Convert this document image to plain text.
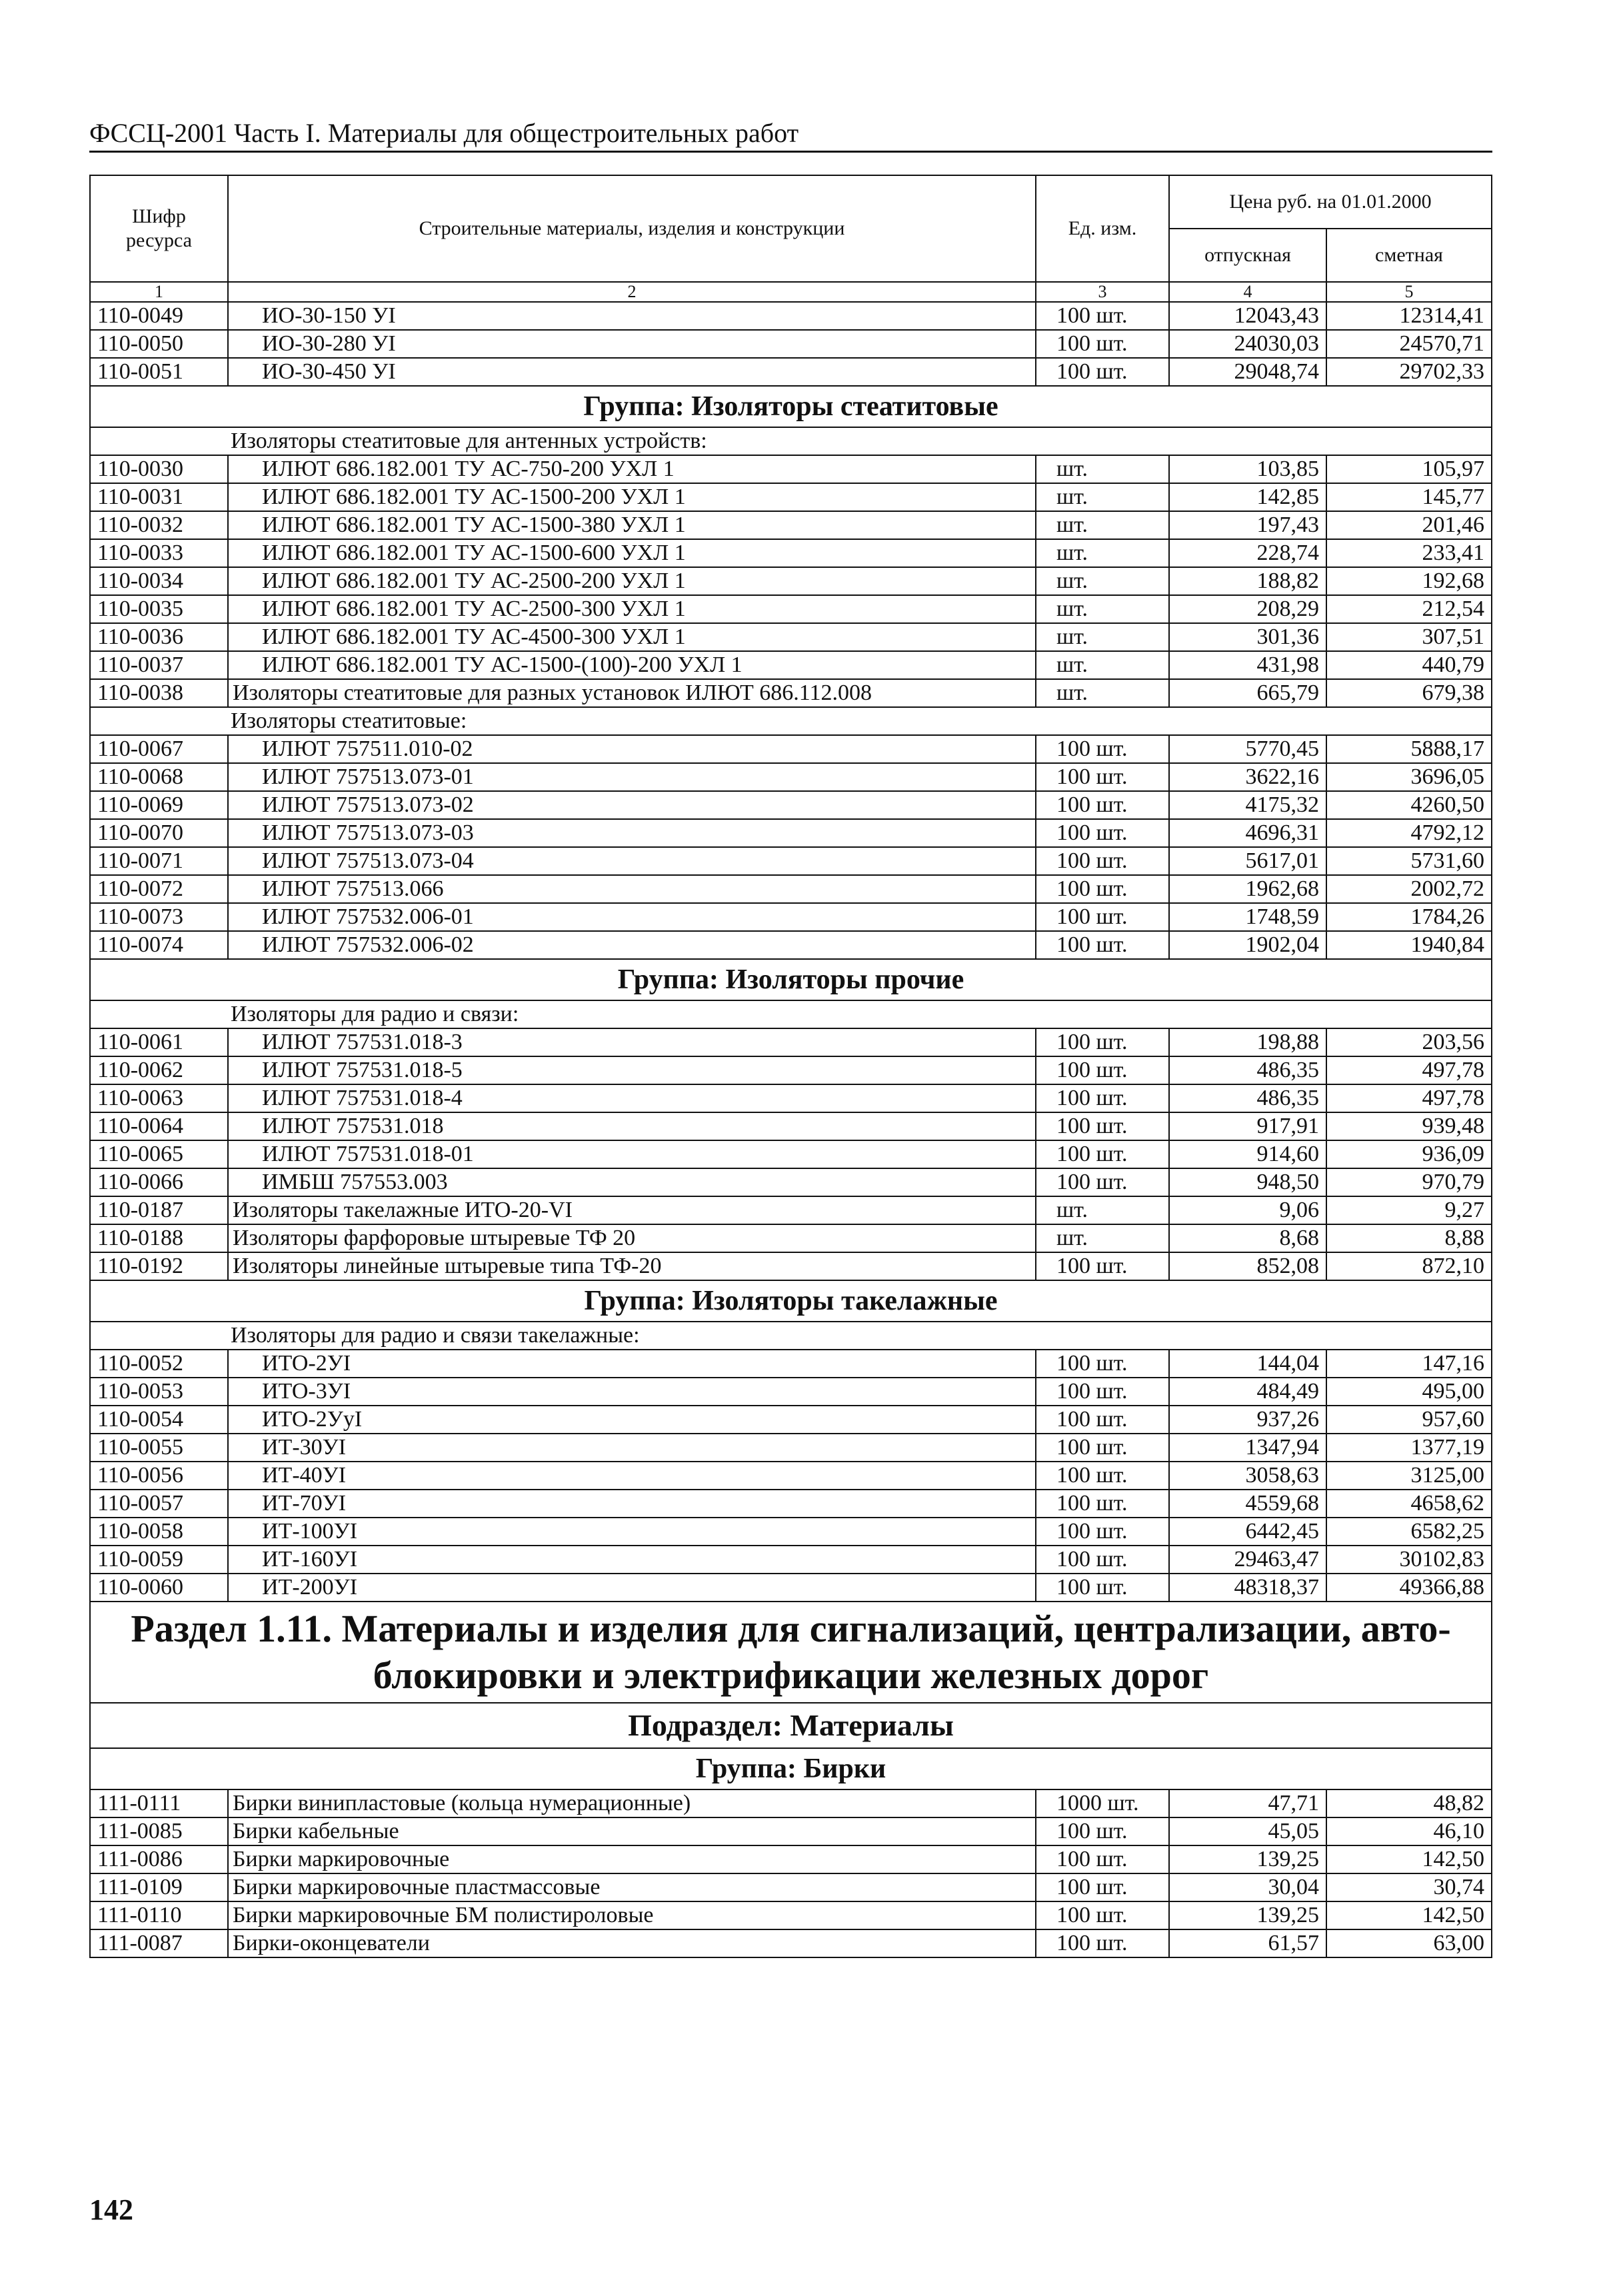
ФССЦ-2001 Часть I. Материалы для общестроительных работ
Шифр ресурса	Строительные материалы, изделия и конструкции	Ед. изм.	Цена руб. на 01.01.2000	
			отпускная	сметная
1	2	3	4	5
110-0049	ИО-30-150 УI	100 шт.	12043,43	12314,41
110-0050	ИО-30-280 УI	100 шт.	24030,03	24570,71
110-0051	ИО-30-450 УI	100 шт.	29048,74	29702,33
Группа: Изоляторы стеатитовые				
Изоляторы стеатитовые для антенных устройств:				
110-0030	ИЛЮТ 686.182.001 ТУ АС-750-200 УХЛ 1	шт.	103,85	105,97
110-0031	ИЛЮТ 686.182.001 ТУ АС-1500-200 УХЛ 1	шт.	142,85	145,77
110-0032	ИЛЮТ 686.182.001 ТУ АС-1500-380 УХЛ 1	шт.	197,43	201,46
110-0033	ИЛЮТ 686.182.001 ТУ АС-1500-600 УХЛ 1	шт.	228,74	233,41
110-0034	ИЛЮТ 686.182.001 ТУ АС-2500-200 УХЛ 1	шт.	188,82	192,68
110-0035	ИЛЮТ 686.182.001 ТУ АС-2500-300 УХЛ 1	шт.	208,29	212,54
110-0036	ИЛЮТ 686.182.001 ТУ АС-4500-300 УХЛ 1	шт.	301,36	307,51
110-0037	ИЛЮТ 686.182.001 ТУ АС-1500-(100)-200 УХЛ 1	шт.	431,98	440,79
110-0038	Изоляторы стеатитовые для разных установок ИЛЮТ 686.112.008	шт.	665,79	679,38
Изоляторы стеатитовые:				
110-0067	ИЛЮТ 757511.010-02	100 шт.	5770,45	5888,17
110-0068	ИЛЮТ 757513.073-01	100 шт.	3622,16	3696,05
110-0069	ИЛЮТ 757513.073-02	100 шт.	4175,32	4260,50
110-0070	ИЛЮТ 757513.073-03	100 шт.	4696,31	4792,12
110-0071	ИЛЮТ 757513.073-04	100 шт.	5617,01	5731,60
110-0072	ИЛЮТ 757513.066	100 шт.	1962,68	2002,72
110-0073	ИЛЮТ 757532.006-01	100 шт.	1748,59	1784,26
110-0074	ИЛЮТ 757532.006-02	100 шт.	1902,04	1940,84
Группа: Изоляторы прочие				
Изоляторы для радио и связи:				
110-0061	ИЛЮТ 757531.018-3	100 шт.	198,88	203,56
110-0062	ИЛЮТ 757531.018-5	100 шт.	486,35	497,78
110-0063	ИЛЮТ 757531.018-4	100 шт.	486,35	497,78
110-0064	ИЛЮТ 757531.018	100 шт.	917,91	939,48
110-0065	ИЛЮТ 757531.018-01	100 шт.	914,60	936,09
110-0066	ИМБШ 757553.003	100 шт.	948,50	970,79
110-0187	Изоляторы такелажные ИТО-20-VI	шт.	9,06	9,27
110-0188	Изоляторы фарфоровые штыревые ТФ 20	шт.	8,68	8,88
110-0192	Изоляторы линейные штыревые типа ТФ-20	100 шт.	852,08	872,10
Группа: Изоляторы такелажные				
Изоляторы для радио и связи такелажные:				
110-0052	ИТО-2УI	100 шт.	144,04	147,16
110-0053	ИТО-3УI	100 шт.	484,49	495,00
110-0054	ИТО-2УуI	100 шт.	937,26	957,60
110-0055	ИТ-30УI	100 шт.	1347,94	1377,19
110-0056	ИТ-40УI	100 шт.	3058,63	3125,00
110-0057	ИТ-70УI	100 шт.	4559,68	4658,62
110-0058	ИТ-100УI	100 шт.	6442,45	6582,25
110-0059	ИТ-160УI	100 шт.	29463,47	30102,83
110-0060	ИТ-200УI	100 шт.	48318,37	49366,88

Раздел 1.11. Материалы и изделия для сигнализаций, централизации, авто-
блокировки и электрификации железных дорог				

Подраздел: Материалы				
Группа: Бирки				
111-0111	Бирки винипластовые (кольца нумерационные)	1000 шт.	47,71	48,82
111-0085	Бирки кабельные	100 шт.	45,05	46,10
111-0086	Бирки маркировочные	100 шт.	139,25	142,50
111-0109	Бирки маркировочные пластмассовые	100 шт.	30,04	30,74
111-0110	Бирки маркировочные БМ полистироловые	100 шт.	139,25	142,50
111-0087	Бирки-оконцеватели	100 шт.	61,57	63,00
142
